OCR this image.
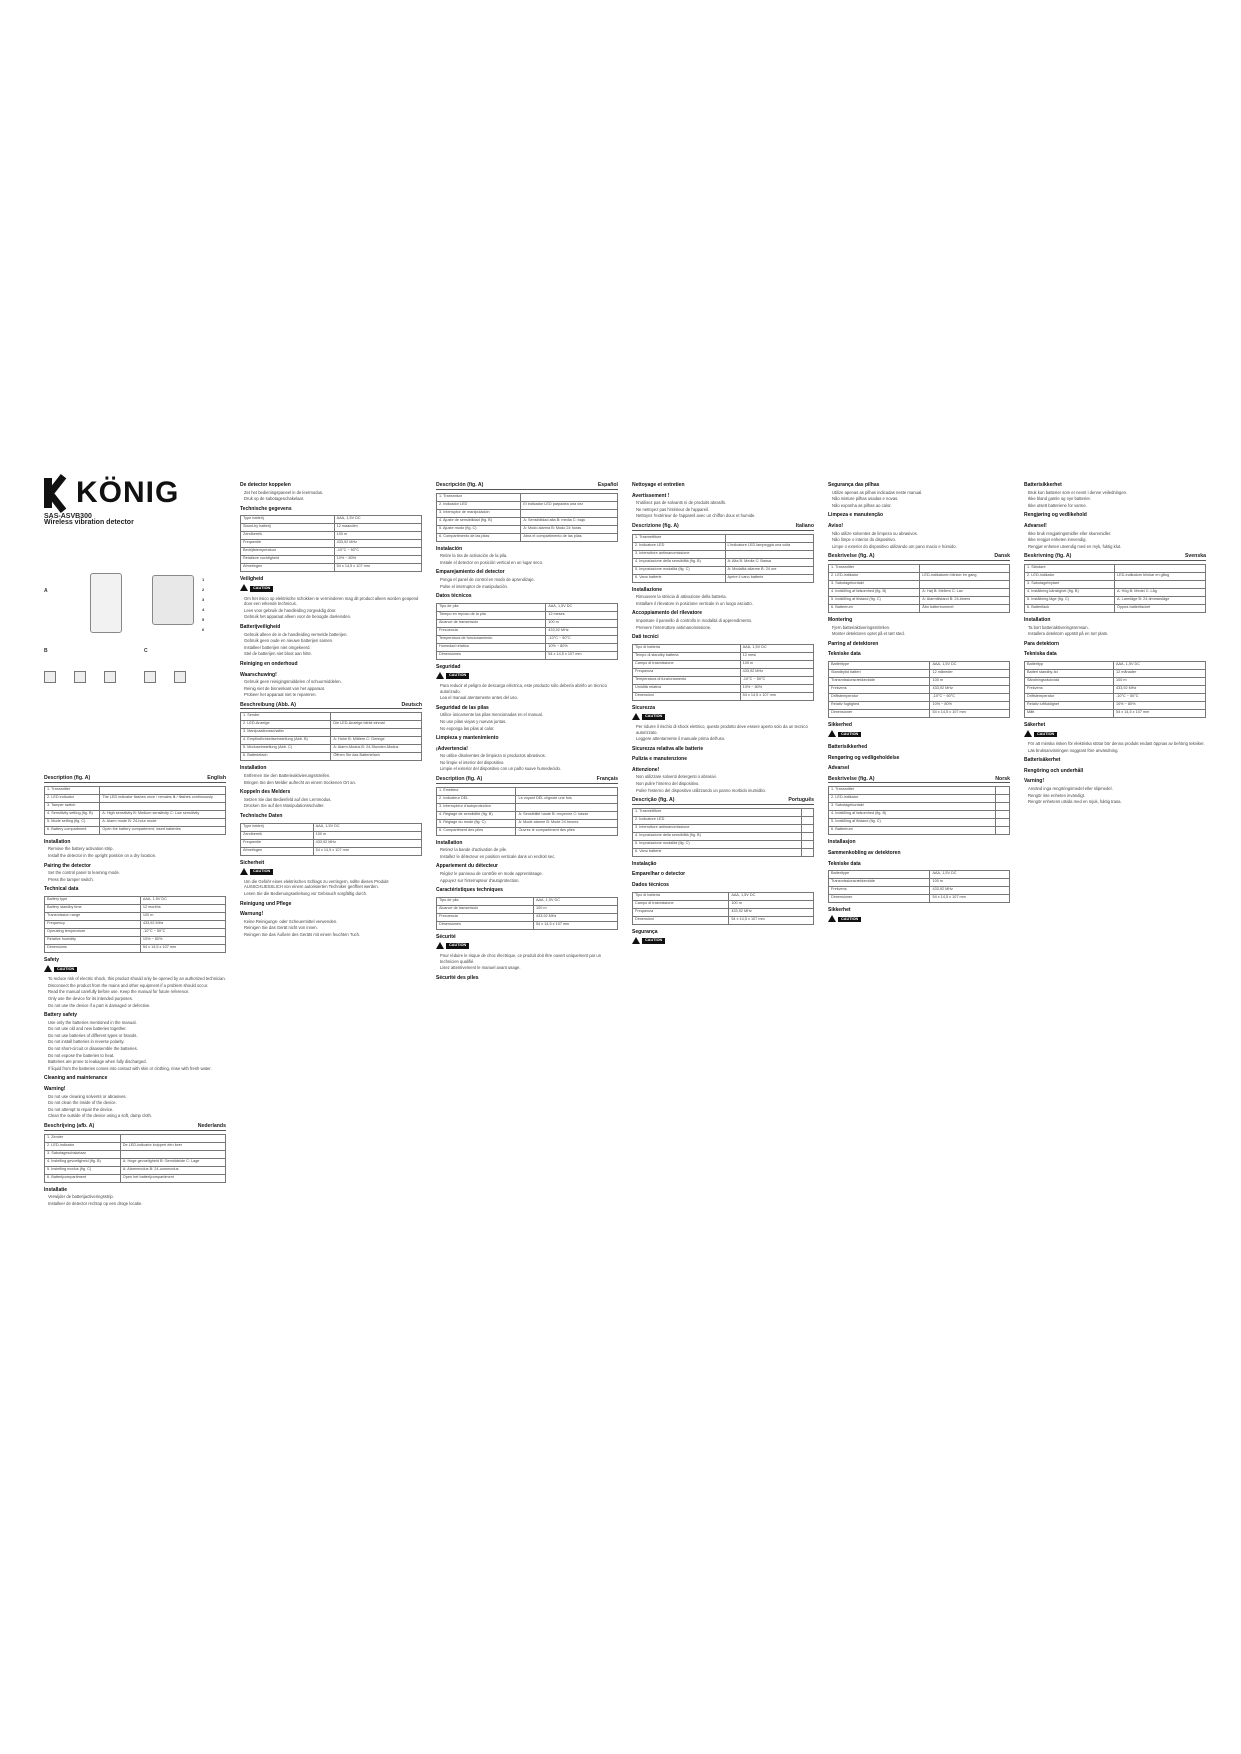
KÖNIG
SAS-ASVB300
Wireless vibration detector
A
1
2
3
4
5
6
B	C
Description (fig. A)	English
1. Transmitter	
2. LED indicator	The LED indicator flashes once / remains lit / flashes continuously
3. Tamper switch	
4. Sensitivity setting (fig. B)	A: High sensitivity B: Medium sensitivity C: Low sensitivity
5. Mode setting (fig. C)	A: Alarm mode B: 24-hour mode
6. Battery compartment	Open the battery compartment; insert batteries
Installation
Remove the battery activation strip.
Install the detector in the upright position on a dry location.
Pairing the detector
Set the control panel to learning mode.
Press the tamper switch.
Technical data
Battery type	AAA, 1.5V DC
Battery standby time	12 months
Transmission range	100 m
Frequency	433,92 MHz
Operating temperature	-10°C ~ 50°C
Relative humidity	10% ~ 80%
Dimensions	54 x 14,5 x 107 mm
Safety
CAUTION
To reduce risk of electric shock, this product should only be opened by an authorized technician.
Disconnect the product from the mains and other equipment if a problem should occur.
Read the manual carefully before use. Keep the manual for future reference.
Only use the device for its intended purposes.
Do not use the device if a part is damaged or defective.
Battery safety
Use only the batteries mentioned in the manual.
Do not use old and new batteries together.
Do not use batteries of different types or brands.
Do not install batteries in reverse polarity.
Do not short-circuit or disassemble the batteries.
Do not expose the batteries to heat.
Batteries are prone to leakage when fully discharged.
If liquid from the batteries comes into contact with skin or clothing, rinse with fresh water.
Cleaning and maintenance
Warning!
Do not use cleaning solvents or abrasives.
Do not clean the inside of the device.
Do not attempt to repair the device.
Clean the outside of the device using a soft, damp cloth.
Beschrijving (afb. A)	Nederlands
1. Zender	
2. LED-indicator	De LED-indicator knippert één keer
3. Sabotageschakelaar	
4. Instelling gevoeligheid (fig. B)	A: Hoge gevoeligheid B: Gemiddelde C: Lage
5. Instelling modus (fig. C)	A: Alarmmodus B: 24-uursmodus
6. Batterijcompartiment	Open het batterijcompartiment
Installatie
Verwijder de batterijactiveringsstrip.
Installeer de detector rechtop op een droge locatie.
De detector koppelen
Zet het bedieningspaneel in de leermodus.
Druk op de sabotageschakelaar.
Technische gegevens
Type batterij	AAA, 1,5V DC
Stand-by batterij	12 maanden
Zendbereik	100 m
Frequentie	433,92 MHz
Bedrijfstemperatuur	-10°C ~ 50°C
Relatieve vochtigheid	10% ~ 80%
Afmetingen	54 x 14,5 x 107 mm
Veiligheid
CAUTION
Om het risico op elektrische schokken te verminderen mag dit product alleen worden geopend door een erkende technicus.
Lees voor gebruik de handleiding zorgvuldig door.
Gebruik het apparaat alleen voor de beoogde doeleinden.
Batterijveiligheid
Gebruik alleen de in de handleiding vermelde batterijen.
Gebruik geen oude en nieuwe batterijen samen.
Installeer batterijen niet omgekeerd.
Stel de batterijen niet bloot aan hitte.
Reiniging en onderhoud
Waarschuwing!
Gebruik geen reinigingsmiddelen of schuurmiddelen.
Reinig niet de binnenkant van het apparaat.
Probeer het apparaat niet te repareren.
Beschreibung (Abb. A)	Deutsch
1. Sender	
2. LED-Anzeige	Die LED-Anzeige blinkt einmal
3. Manipulationsschalter	
4. Empfindlichkeitseinstellung (Abb. B)	A: Hohe B: Mittlere C: Geringe
5. Moduseinstellung (Abb. C)	A: Alarm-Modus B: 24-Stunden-Modus
6. Batteriefach	Öffnen Sie das Batteriefach
Installation
Entfernen Sie den Batterieaktivierungsstreifen.
Bringen Sie den Melder aufrecht an einem trockenen Ort an.
Koppeln des Melders
Setzen Sie das Bedienfeld auf den Lernmodus.
Drücken Sie auf den Manipulationsschalter.
Technische Daten
Type batterij	AAA, 1,5V DC
Zendbereik	100 m
Frequentie	433,92 MHz
Afmetingen	54 x 14,5 x 107 mm
Sicherheit
CAUTION
Um die Gefahr eines elektrischen Schlags zu verringern, sollte dieses Produkt AUSSCHLIESSLICH von einem autorisierten Techniker geöffnet werden.
Lesen Sie die Bedienungsanleitung vor Gebrauch sorgfältig durch.
Reinigung und Pflege
Warnung!
Keine Reinigungs- oder Scheuermittel verwenden.
Reinigen Sie das Gerät nicht von innen.
Reinigen Sie das Äußere des Geräts mit einem feuchten Tuch.
Descripción (fig. A)	Español
1. Transmisor	
2. Indicador LED	El indicador LED parpadea una vez
3. Interruptor de manipulación	
4. Ajuste de sensibilidad (fig. B)	A: Sensibilidad alta B: media C: baja
5. Ajuste modo (fig. C)	A: Modo alarma B: Modo 24 horas
6. Compartimento de las pilas	Abra el compartimento de las pilas
Instalación
Retire la tira de activación de la pila.
Instale el detector en posición vertical en un lugar seco.
Emparejamiento del detector
Ponga el panel de control en modo de aprendizaje.
Pulse el interruptor de manipulación.
Datos técnicos
Tipo de pila	AAA, 1,5V DC
Tiempo en reposo de la pila	12 meses
Alcance de transmisión	100 m
Frecuencia	433,92 MHz
Temperatura de funcionamiento	-10°C ~ 50°C
Humedad relativa	10% ~ 80%
Dimensiones	54 x 14,5 x 107 mm
Seguridad
CAUTION
Para reducir el peligro de descarga eléctrica, este producto sólo debería abrirlo un técnico autorizado.
Lea el manual atentamente antes del uso.
Seguridad de las pilas
Utilice únicamente las pilas mencionadas en el manual.
No use pilas viejas y nuevas juntas.
No exponga las pilas al calor.
Limpieza y mantenimiento
¡Advertencia!
No utilice disolventes de limpieza ni productos abrasivos.
No limpie el interior del dispositivo.
Limpie el exterior del dispositivo con un paño suave humedecido.
Description (fig. A)	Français
1. Émetteur	
2. Indicateur DEL	Le voyant DEL clignote une fois
3. Interrupteur d'autoprotection	
4. Réglage de sensibilité (fig. B)	A: Sensibilité haute B: moyenne C: basse
5. Réglage du mode (fig. C)	A: Mode alarme B: Mode 24 heures
6. Compartiment des piles	Ouvrez le compartiment des piles
Installation
Retirez la bande d'activation de pile.
Installez le détecteur en position verticale dans un endroit sec.
Appariement du détecteur
Réglez le panneau de contrôle en mode apprentissage.
Appuyez sur l'interrupteur d'autoprotection.
Caractéristiques techniques
Tipo de pila	AAA, 1,5V DC
Alcance de transmisión	100 m
Frecuencia	433,92 MHz
Dimensiones	54 x 14,5 x 107 mm
Sécurité
CAUTION
Pour réduire le risque de choc électrique, ce produit doit être ouvert uniquement par un technicien qualifié.
Lisez attentivement le manuel avant usage.
Sécurité des piles
Nettoyage et entretien
Avertissement !
N'utilisez pas de solvants ni de produits abrasifs.
Ne nettoyez pas l'intérieur de l'appareil.
Nettoyez l'extérieur de l'appareil avec un chiffon doux et humide.
Descrizione (fig. A)	Italiano
1. Trasmettitore	
2. Indicatore LED	L'indicatore LED lampeggia una volta
3. Interruttore antimanomissione	
4. Impostazione della sensibilità (fig. B)	A: Alta B: Media C: Bassa
5. Impostazione modalità (fig. C)	A: Modalità allarme B: 24 ore
6. Vano batterie	Aprire il vano batterie
Installazione
Rimuovere la striscia di attivazione della batteria.
Installare il rilevatore in posizione verticale in un luogo asciutto.
Accoppiamento del rilevatore
Impostare il pannello di controllo in modalità di apprendimento.
Premere l'interruttore antimanomissione.
Dati tecnici
Tipo di batteria	AAA, 1,5V DC
Tempo di standby batteria	12 mesi
Campo di trasmissione	100 m
Frequenza	433,92 MHz
Temperatura di funzionamento	-10°C ~ 50°C
Umidità relativa	10% ~ 80%
Dimensioni	54 x 14,5 x 107 mm
Sicurezza
CAUTION
Per ridurre il rischio di shock elettrico, questo prodotto deve essere aperto solo da un tecnico autorizzato.
Leggere attentamente il manuale prima dell'uso.
Sicurezza relativa alle batterie
Pulizia e manutenzione
Attenzione!
Non utilizzare solventi detergenti o abrasivi.
Non pulire l'interno del dispositivo.
Pulire l'esterno del dispositivo utilizzando un panno morbido inumidito.
Descrição (fig. A)	Português
1. Trasmettitore	
2. Indicatore LED	
3. Interruttore antimanomissione	
4. Impostazione della sensibilità (fig. B)	
5. Impostazione modalità (fig. C)	
6. Vano batterie	
Instalação
Emparelhar o detector
Dados técnicos
Tipo di batteria	AAA, 1,5V DC
Campo di trasmissione	100 m
Frequenza	433,92 MHz
Dimensioni	54 x 14,5 x 107 mm
Segurança
CAUTION
Segurança das pilhas
Utilize apenas as pilhas indicadas neste manual.
Não misture pilhas usadas e novas.
Não exponha as pilhas ao calor.
Limpeza e manutenção
Aviso!
Não utilize solventes de limpeza ou abrasivos.
Não limpe o interior do dispositivo.
Limpe o exterior do dispositivo utilizando um pano macio e húmido.
Beskrivelse (fig. A)	Dansk
1. Transmitter	
2. LED-indikator	LED-indikatoren blinker én gang
3. Sabotagekontakt	
4. Indstilling af følsomhed (fig. B)	A: Høj B: Mellem C: Lav
5. Indstilling af tilstand (fig. C)	A: Alarmtilstand B: 24-timers
6. Batterirum	Åbn batterirummet
Montering
Fjern batteriaktiveringsstrimlen.
Monter detektoren opret på et tørt sted.
Parring af detektoren
Tekniske data
Batteritype	AAA, 1,5V DC
Standbytid batteri	12 måneder
Transmissionsrækkevidde	100 m
Frekvens	433,92 MHz
Driftstemperatur	-10°C ~ 50°C
Relativ fugtighed	10% ~ 80%
Dimensioner	54 x 14,5 x 107 mm
Sikkerhed
CAUTION
Batterisikkerhed
Rengøring og vedligeholdelse
Advarsel
Beskrivelse (fig. A)	Norsk
1. Transmitter	
2. LED-indikator	
3. Sabotagekontakt	
4. Indstilling af følsomhed (fig. B)	
5. Indstilling af tilstand (fig. C)	
6. Batterirum	
Installasjon
Sammenkobling av detektoren
Tekniske data
Batteritype	AAA, 1,5V DC
Transmissionsrækkevidde	100 m
Frekvens	433,92 MHz
Dimensioner	54 x 14,5 x 107 mm
Sikkerhet
CAUTION
Batterisikkerhet
Bruk kun batterier som er nevnt i denne veiledningen.
Ikke bland gamle og nye batterier.
Ikke utsett batteriene for varme.
Rengjøring og vedlikehold
Advarsel!
Ikke bruk rengjøringsmidler eller skuremidler.
Ikke rengjør enheten innvendig.
Rengjør enheten utvendig med en myk, fuktig klut.
Beskrivning (fig. A)	Svenska
1. Sändare	
2. LED-indikator	LED-indikatorn blinkar en gång
3. Sabotagebrytare	
4. Inställning känslighet (fig. B)	A: Hög B: Medel C: Låg
5. Inställning läge (fig. C)	A: Larmläge B: 24-timmarsläge
6. Batterifack	Öppna batterifacket
Installation
Ta bort batteriaktiveringsremsan.
Installera detektorn upprätt på en torr plats.
Para detektorn
Tekniska data
Batterityp	AAA, 1,5V DC
Batteri standby-tid	12 månader
Sändningsräckvidd	100 m
Frekvens	433,92 MHz
Driftstemperatur	-10°C ~ 50°C
Relativ luftfuktighet	10% ~ 80%
Mått	54 x 14,5 x 107 mm
Säkerhet
CAUTION
För att minska risken för elektriska stötar bör denna produkt endast öppnas av behörig tekniker.
Läs bruksanvisningen noggrant före användning.
Batterisäkerhet
Rengöring och underhåll
Varning!
Använd inga rengöringsmedel eller slipmedel.
Rengör inte enheten invändigt.
Rengör enhetens utsida med en mjuk, fuktig trasa.
